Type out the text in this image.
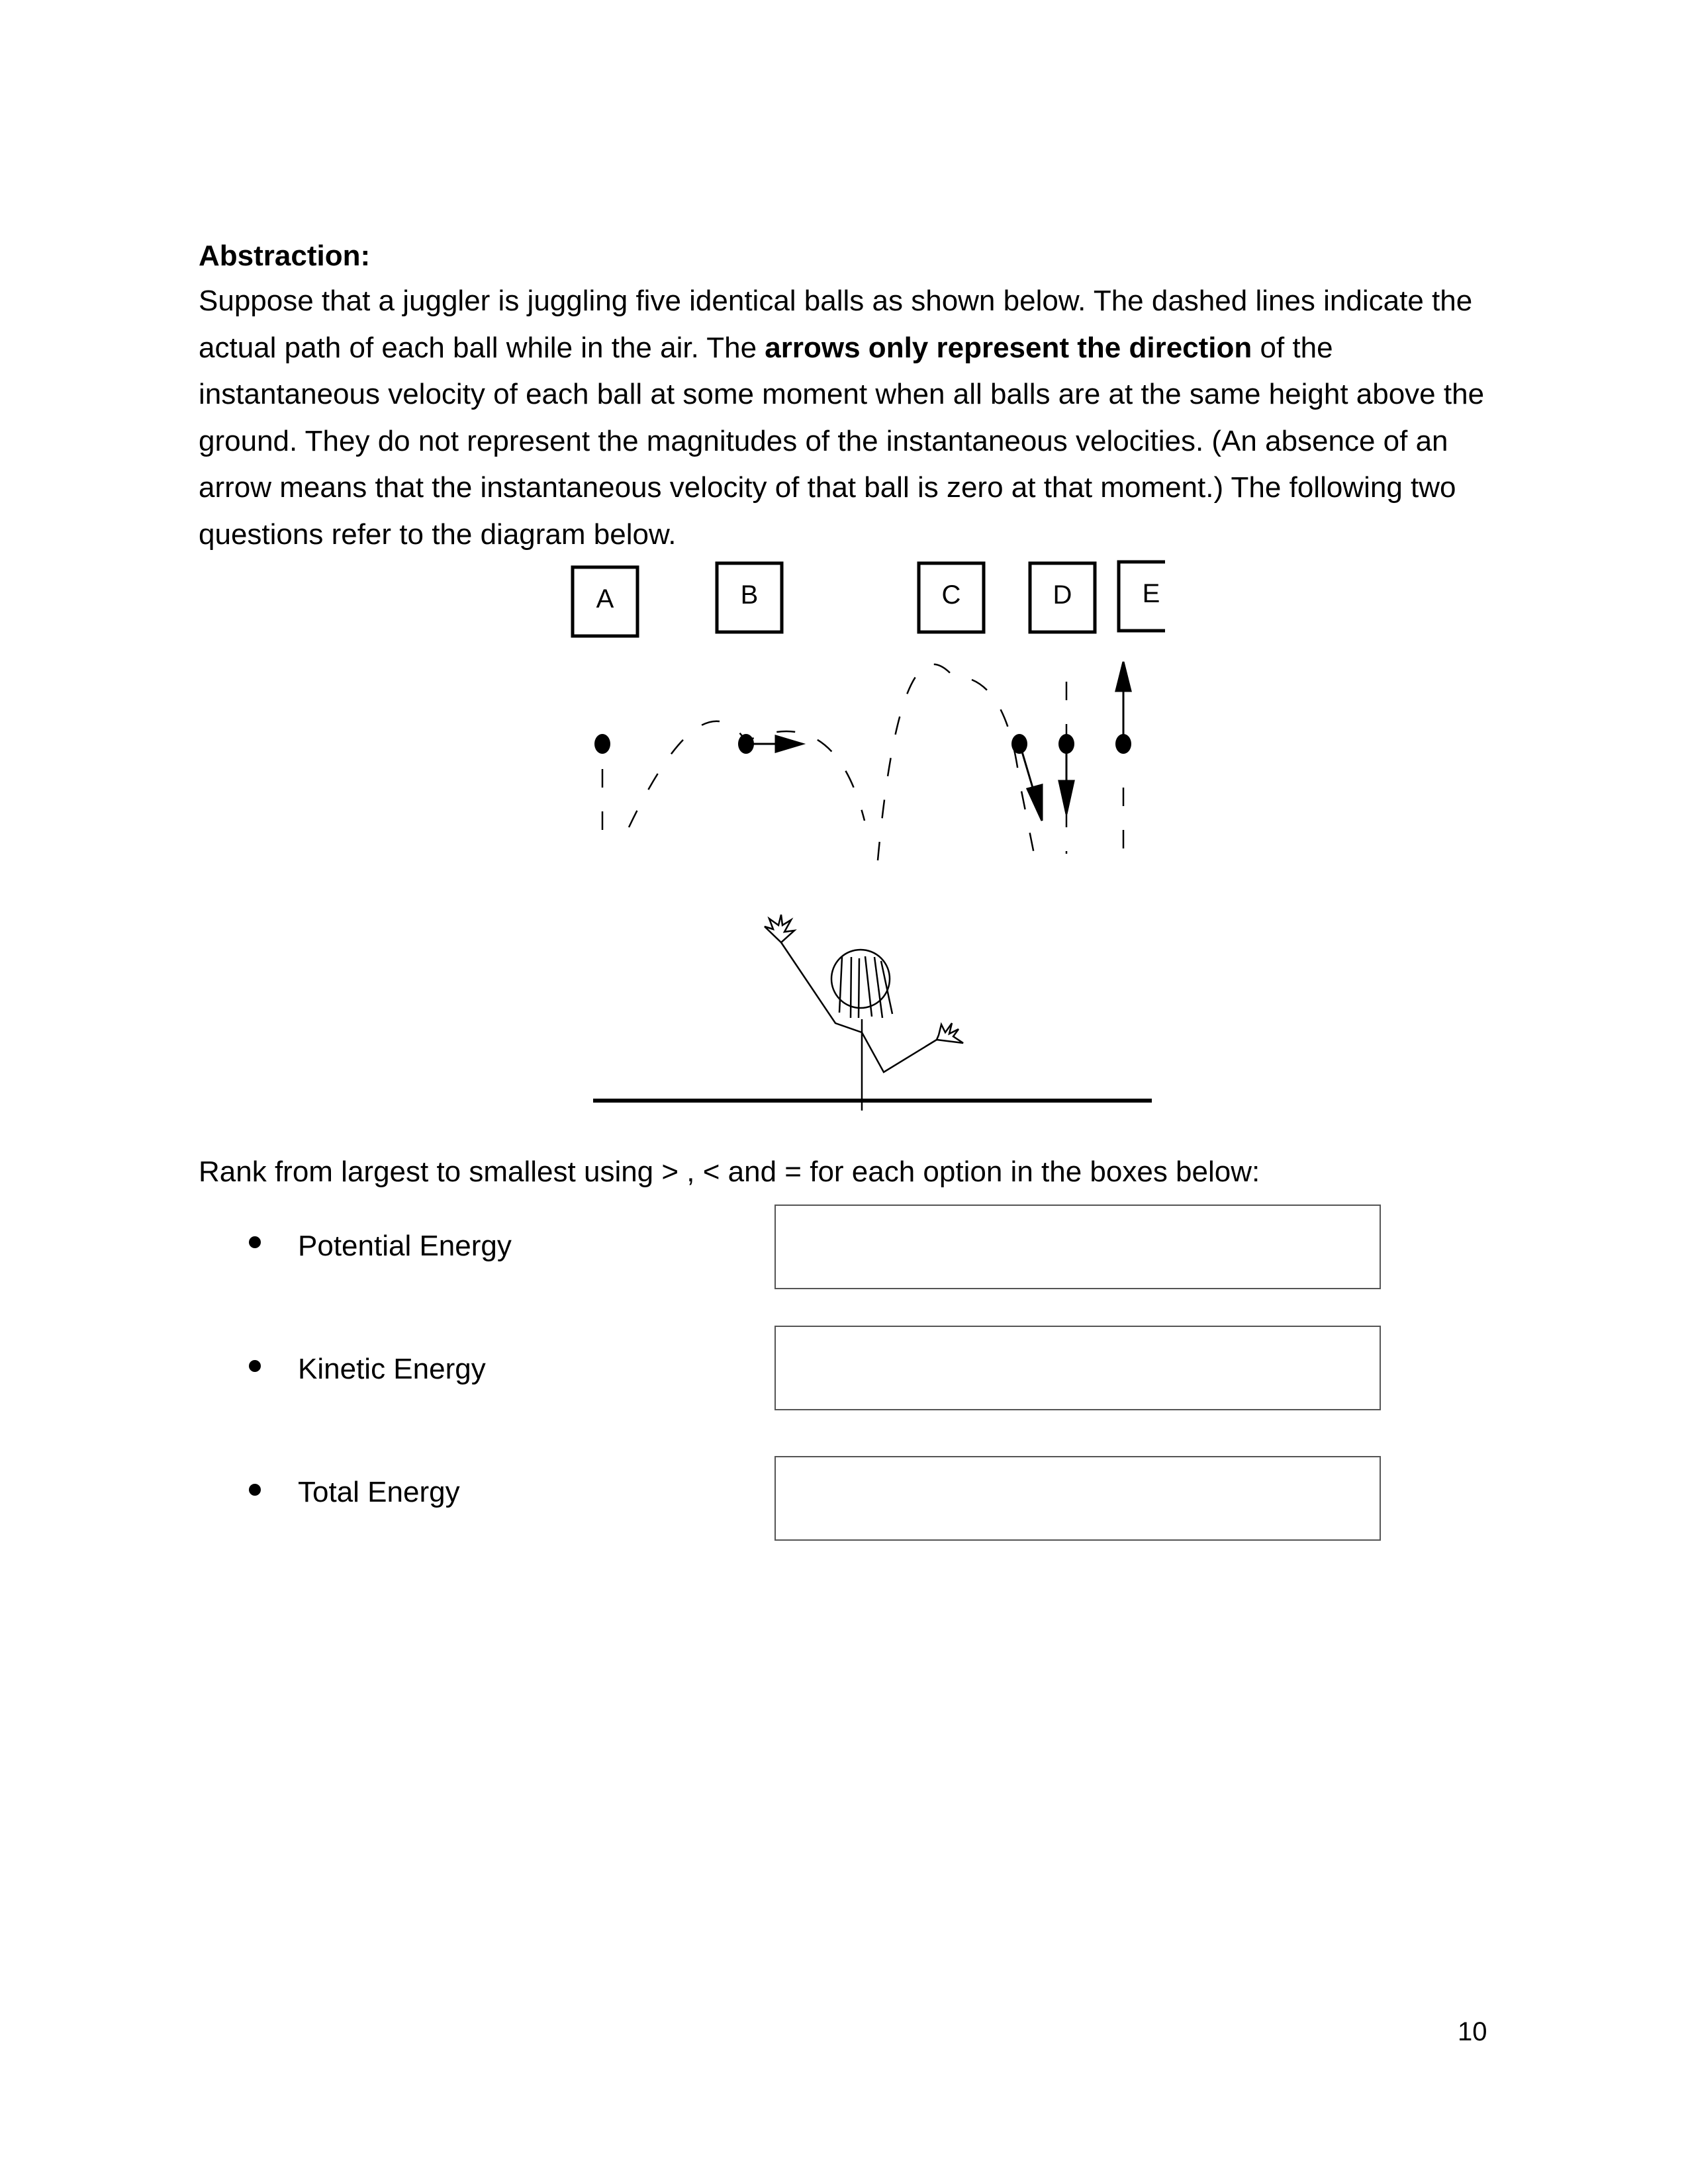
Abstraction:
Suppose that a juggler is juggling five identical balls as shown below. The dashed lines indicate the actual path of each ball while in the air. The arrows only represent the direction of the instantaneous velocity of each ball at some moment when all balls are at the same height above the ground. They do not represent the magnitudes of the instantaneous velocities. (An absence of an arrow means that the instantaneous velocity of that ball is zero at that moment.) The following two questions refer to the diagram below.
A	B	C	D	E
Rank from largest to smallest using > , < and = for each option in the boxes below:
Potential Energy
Kinetic Energy
Total Energy
10
